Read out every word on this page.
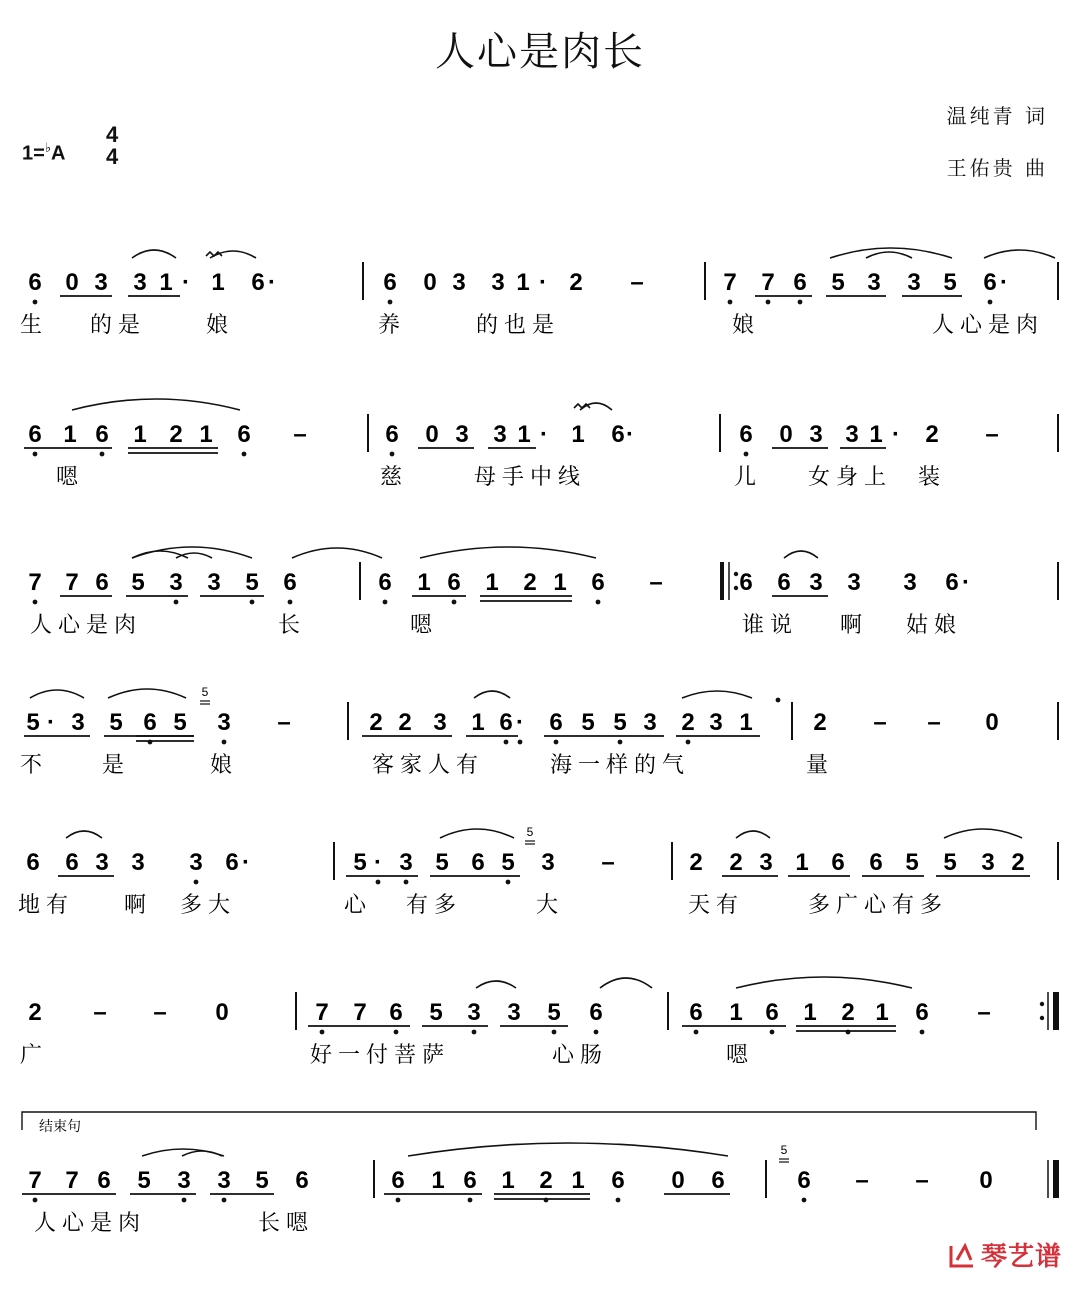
人心是肉长
温纯青 词
王佑贵 曲
1=♭A
4
4
6 0 3 3 1 · 1 6 ·	6 0 3 3 1 · 2 –	7 7 6 5 3 3 5 6 ·
生 的是	娘	养	的也是	娘	人心是肉
6 1 6 1 2 1 6 –	6 0 3 3 1 · 1 6 ·	6 0 3 3 1 · 2 –
嗯	慈	母手中线	儿 女身上 装
7 7 6 5 3 3 5 6	6 1 6 1 2 1 6 –	6 6 3 3 3 6 ·
人心是肉	长	嗯	谁说 啊 姑娘
5 · 3 5 6 5 3 –	2 2 3 1 6 · 6 5 5 3 2 3 1	2 – – 0
5
不 是	娘	客家人有	海一样的气	量
6 6 3 3 3 6 ·	5 · 3 5 6 5 3 –	2 2 3 1 6 6 5 5 3 2
5
地有 啊 多大	心 有多	大	天有	多广心有多
2 – – 0	7 7 6 5 3 3 5 6	6 1 6 1 2 1 6 –
广	好一付菩萨	心肠	嗯
7 7 6 5 3 3 5 6	6 1 6 1 2 1 6 0 6	6 – – 0
5
人心是肉	长嗯
结束句
琴艺谱
